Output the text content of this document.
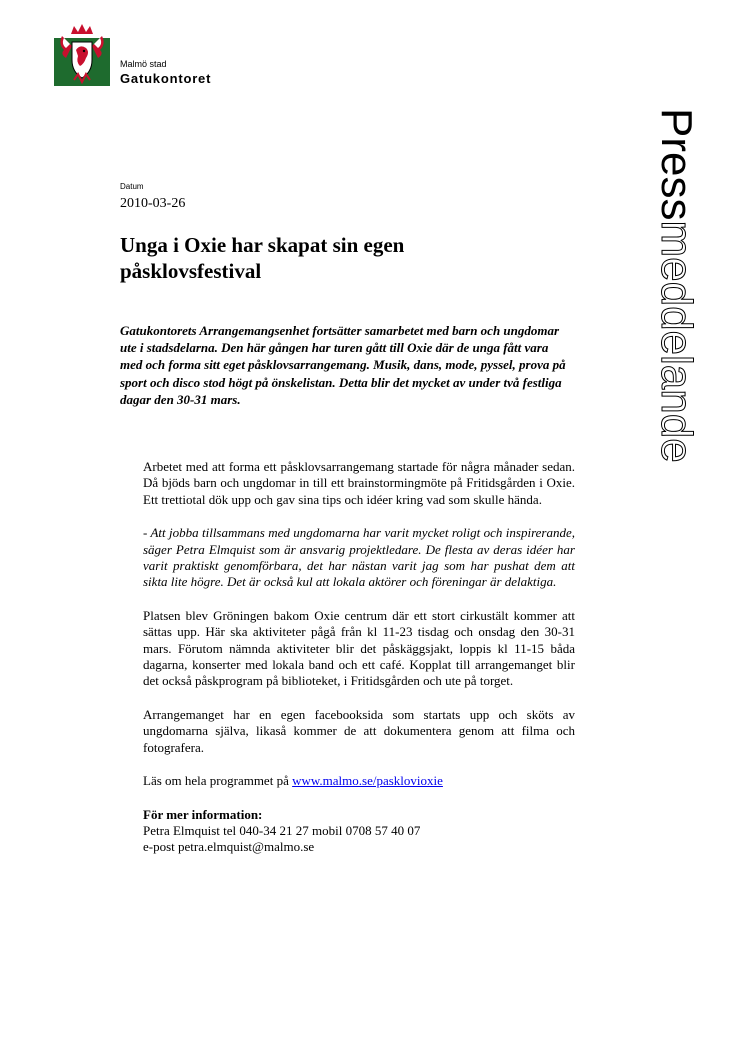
Malmö stad
Gatukontoret
Pressmeddelande
Datum
2010-03-26
Unga i Oxie har skapat sin egen
påsklovsfestival

Gatukontorets Arrangemangsenhet fortsätter samarbetet med barn och ungdomar ute i stadsdelarna. Den här gången har turen gått till Oxie där de unga fått vara med och forma sitt eget påsklovsarrangemang. Musik, dans, mode, pyssel, prova på sport och disco stod högt på önskelistan. Detta blir det mycket av under två festliga dagar den 30-31 mars.

Arbetet med att forma ett påsklovsarrangemang startade för några månader sedan. Då bjöds barn och ungdomar in till ett brainstormingmöte på Fritidsgården i Oxie. Ett trettiotal dök upp och gav sina tips och idéer kring vad som skulle hända.

- Att jobba tillsammans med ungdomarna har varit mycket roligt och inspirerande, säger Petra Elmquist som är ansvarig projektledare. De flesta av deras idéer har varit praktiskt genomförbara, det har nästan varit jag som har pushat dem att sikta lite högre. Det är också kul att lokala aktörer och föreningar är delaktiga.

Platsen blev Gröningen bakom Oxie centrum där ett stort cirkustält kommer att sättas upp. Här ska aktiviteter pågå från kl 11-23 tisdag och onsdag den 30-31 mars. Förutom nämnda aktiviteter blir det påskäggsjakt, loppis kl 11-15 båda dagarna, konserter med lokala band och ett café. Kopplat till arrangemanget blir det också påskprogram på biblioteket, i Fritidsgården och ute på torget.

Arrangemanget har en egen facebooksida som startats upp och sköts av ungdomarna själva, likaså kommer de att dokumentera genom att filma och fotografera.

Läs om hela programmet på www.malmo.se/pasklovioxie

För mer information:
Petra Elmquist tel 040-34 21 27 mobil 0708 57 40 07
e-post petra.elmquist@malmo.se
